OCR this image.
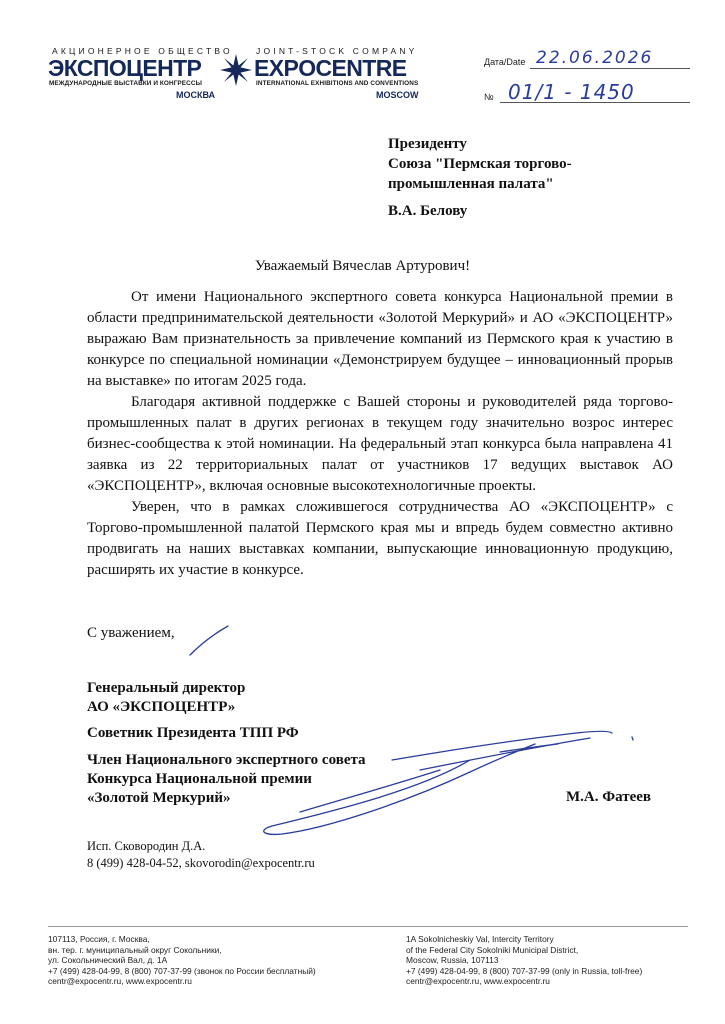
АКЦИОНЕРНОЕ ОБЩЕСТВО	JOINT-STOCK COMPANY
ЭКСПОЦЕНТР EXPOCENTRE
МЕЖДУНАРОДНЫЕ ВЫСТАВКИ И КОНГРЕССЫ	INTERNATIONAL EXHIBITIONS AND CONVENTIONS
МОСКВА	MOSCOW
Дата/Date 22.06.2026
№ 01/1 - 1450
Президенту
Союза "Пермская торгово-
промышленная палата"
В.А. Белову
Уважаемый Вячеслав Артурович!

От имени Национального экспертного совета конкурса Национальной премии в области предпринимательской деятельности «Золотой Меркурий» и АО «ЭКСПОЦЕНТР» выражаю Вам признательность за привлечение компаний из Пермского края к участию в конкурсе по специальной номинации «Демонстрируем будущее – инновационный прорыв на выставке» по итогам 2025 года.

Благодаря активной поддержке с Вашей стороны и руководителей ряда торгово-промышленных палат в других регионах в текущем году значительно возрос интерес бизнес-сообщества к этой номинации. На федеральный этап конкурса была направлена 41 заявка из 22 территориальных палат от участников 17 ведущих выставок АО «ЭКСПОЦЕНТР», включая основные высокотехнологичные проекты.

Уверен, что в рамках сложившегося сотрудничества АО «ЭКСПОЦЕНТР» с Торгово-промышленной палатой Пермского края мы и впредь будем совместно активно продвигать на наших выставках компании, выпускающие инновационную продукцию, расширять их участие в конкурсе.

С уважением,
Генеральный директор
АО «ЭКСПОЦЕНТР»
Советник Президента ТПП РФ
Член Национального экспертного совета
Конкурса Национальной премии
«Золотой Меркурий»	М.А. Фатеев
Исп. Сковородин Д.А.
8 (499) 428-04-52, skovorodin@expocentr.ru
107113, Россия, г. Москва,
вн. тер. г. муниципальный округ Сокольники,
ул. Сокольнический Вал, д. 1А
+7 (499) 428-04-99, 8 (800) 707-37-99 (звонок по России бесплатный)
centr@expocentr.ru, www.expocentr.ru
1A Sokolnicheskiy Val, Intercity Territory
of the Federal City Sokolniki Municipal District,
Moscow, Russia, 107113
+7 (499) 428-04-99, 8 (800) 707-37-99 (only in Russia, toll-free)
centr@expocentr.ru, www.expocentr.ru
